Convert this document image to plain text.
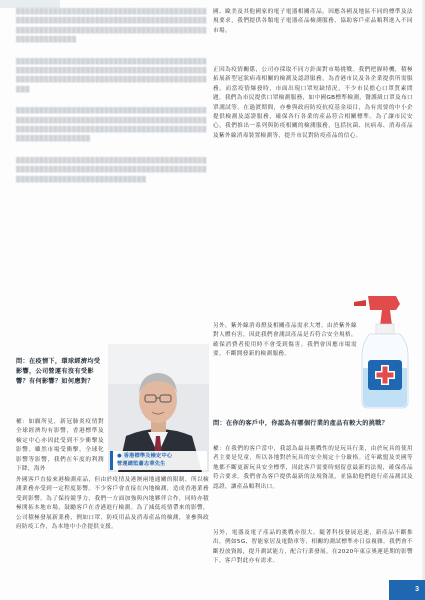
▒▒▒▒▒▒▒▒▒▒▒▒▒▒▒▒▒▒▒▒▒▒▒▒▒▒▒▒▒▒▒▒▒▒▒▒▒▒▒▒▒▒▒▒▒▒▒▒▒▒▒▒▒▒▒▒▒▒▒▒▒▒▒▒▒▒▒▒▒▒▒▒▒▒▒▒▒▒▒▒▒▒▒▒▒▒▒▒▒▒▒▒▒▒▒▒▒▒▒▒▒▒▒▒▒▒▒▒▒▒▒▒▒▒▒▒▒▒▒▒▒▒▒▒▒▒▒▒▒▒▒▒▒▒▒▒

▒▒▒▒▒▒▒▒▒▒▒▒▒▒▒▒▒▒▒▒▒▒▒▒▒▒▒▒▒▒▒▒▒▒▒▒▒▒▒▒▒▒▒▒▒▒▒▒▒▒▒▒▒▒▒▒▒▒▒▒▒▒▒▒▒▒▒▒▒▒▒▒▒▒▒▒▒▒▒▒▒▒▒▒▒▒▒▒▒▒▒▒▒▒▒▒▒▒▒▒▒▒▒▒▒▒▒▒▒▒▒▒▒▒▒▒▒▒▒▒▒▒▒▒▒▒

▒▒▒▒▒▒▒▒▒▒▒▒▒▒▒▒▒▒▒▒▒▒▒▒▒▒▒▒▒▒▒▒▒▒▒▒▒▒▒▒▒▒▒▒▒▒▒▒▒▒▒▒▒▒▒▒▒▒▒▒▒▒▒▒▒▒▒▒▒▒▒▒▒▒▒▒▒▒▒▒▒▒▒▒▒▒▒▒▒▒▒▒▒▒▒▒▒▒▒▒▒▒▒▒▒▒▒▒▒▒▒▒▒▒▒▒▒▒▒▒▒▒▒▒▒▒▒▒▒▒▒▒▒▒▒▒▒▒▒

▒▒▒▒▒▒▒▒▒▒▒▒▒▒▒▒▒▒▒▒▒▒▒▒▒▒▒▒▒▒▒▒▒▒▒▒▒▒▒▒▒▒▒▒▒▒▒▒▒▒▒▒▒▒▒▒▒▒▒▒▒▒▒▒▒▒▒▒▒▒▒▒▒▒▒▒▒▒▒▒▒▒▒▒▒▒▒▒▒▒▒▒▒▒▒▒▒▒▒▒▒▒▒▒▒▒▒▒▒▒

問：在疫情下，環球經濟均受影響，公司營運有沒有受影響？有何影響？如何應對？

櫂：如願所見，新冠肺炎疫情對全球經濟均有影響，香港標準及檢定中心亦因此受到不少衝擊及影響。雖然市場受衝擊，全球化影響等影響，我們在年度的利潤下降，海外

● 香港標準及檢定中心
營運總監蕭志華先生

外國客戶直接來港檢測產品，但由於疫情及港澳兩地通關的限制，所以檢測業務亦受到一定程度影響。不少客戶會直接在內地檢測，造成香港業務受到影響。為了保持競爭力，我們一方面加強與內地夥伴合作，同時亦積極開拓本地市場，鼓勵客戶在香港進行檢測。為了減低疫情帶來的影響，公司積極發展新業務，例如口罩、防疫用品及消毒產品的檢測，並參與政府防疫工作，為本地中小企提供支援。

國、歐美及其他國家的電子電器相關產品，因應各國及地區不同的標準及法規要求，我們提供各類電子電器產品檢測服務，協助客戶產品順利進入不同市場。

正因為疫情關係，公司亦採取不同方針面對市場挑戰。我們把握時機，積極拓展新型冠狀病毒相關的檢測及認證服務，為香港市民及各企業提供所需服務。而當疫情爆發時，市面出現口罩短缺情況，不少市民擔心口罩質素問題，我們為市民提供口罩檢測服務，如中國GB標準檢測，醫護級口罩及布口罩測試等。在過渡期間，亦參與政府防疫抗疫基金項目，為有需要的中小企提供檢測及認證服務，確保各行各業的產品符合相關標準。為了讓市民安心，我們推出一系列與防疫相關的檢測服務，包括抗菌、抗病毒、消毒產品及紫外線消毒裝置檢測等，提升市民對防疫產品的信心。

另外，紫外線消毒燈及相關產品需求大增。由於紫外線對人體有害，因此我們會測試產品是否符合安全規格，確保消費者使用時不會受到傷害。我們會因應市場需要，不斷開發新的檢測服務。

問：在你的客戶中，你認為有哪個行業的產品有較大的挑戰？

櫂：在我們的客戶當中，我認為最具挑戰性的是玩具行業，由於玩具的使用者主要是兒童，所以各地對於玩具的安全規定十分嚴格。近年歐盟及美國等地都不斷更新玩具安全標準，因此客戶需要時刻留意最新的法規，確保產品符合要求。我們會為客戶提供最新的法規資訊，並協助他們進行產品測試及認證，讓產品順利出口。

另外，電器及電子產品的挑戰亦很大。隨著科技發展迅速，新產品不斷推出，例如5G、智能家居及電動車等，相關的測試標準亦日益複雜。我們會不斷投放資源，提升測試能力，配合行業發展，在2020年東京奧運延期的影響下，客戶對此亦有需求。

3
